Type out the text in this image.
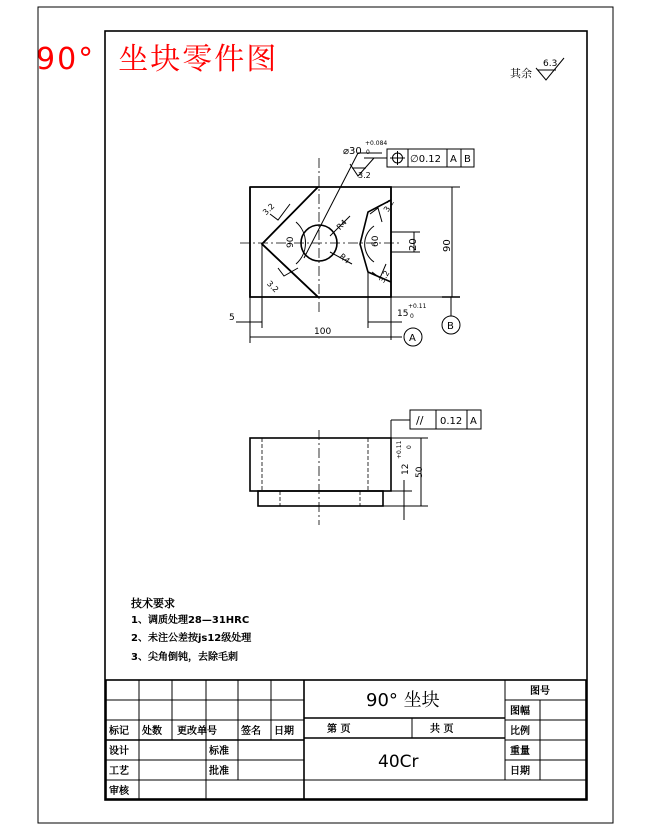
90°  坐块零件图	其余
6.3
90	60
R4
R4
3.2
3.2
3.2
3.2
⌀30
+0.084
0
3.2
∅0.12 A B
20 90
5	15
+0.11
0
100
A
B
// 0.12 A
12
+0.11 0
50
技术要求
1、调质处理28—31HRC
2、未注公差按js12级处理
3、尖角倒钝，去除毛刺
90° 坐块	图号
图幅
比例
重量
日期
第 页	共 页
40Cr
标记 处数 更改单号 签名 日期
设计	标准
工艺	批准
审核
